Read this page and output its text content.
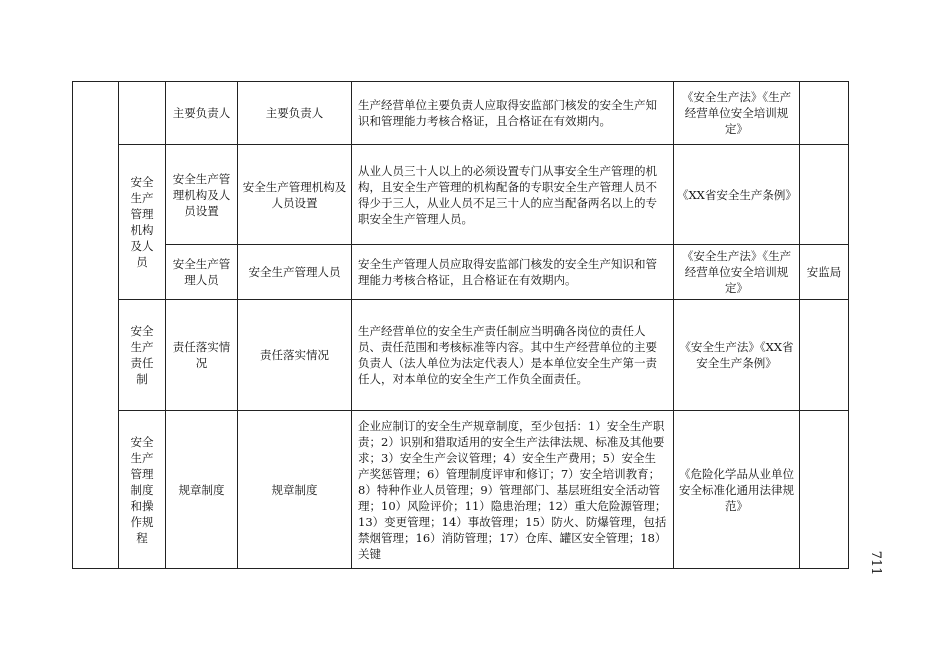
		主要负责人	主要负责人	生产经营单位主要负责人应取得安监部门核发的安全生产知识和管理能力考核合格证，且合格证在有效期内。	《安全生产法》《生产经营单位安全培训规定》	
	安全生产管理机构及人员	安全生产管理机构及人员设置	安全生产管理机构及人员设置	从业人员三十人以上的必须设置专门从事安全生产管理的机构，且安全生产管理的机构配备的专职安全生产管理人员不得少于三人，从业人员不足三十人的应当配备两名以上的专职安全生产管理人员。	《XX省安全生产条例》	
		安全生产管理人员	安全生产管理人员	安全生产管理人员应取得安监部门核发的安全生产知识和管理能力考核合格证，且合格证在有效期内。	《安全生产法》《生产经营单位安全培训规定》	安监局
	安全生产责任制	责任落实情况	责任落实情况	生产经营单位的安全生产责任制应当明确各岗位的责任人员、责任范围和考核标准等内容。其中生产经营单位的主要负责人（法人单位为法定代表人）是本单位安全生产第一责任人，对本单位的安全生产工作负全面责任。	《安全生产法》《XX省安全生产条例》	
	安全生产管理制度和操作规程	规章制度	规章制度	企业应制订的安全生产规章制度，至少包括：1）安全生产职责；2）识别和猎取适用的安全生产法律法规、标准及其他要求；3）安全生产会议管理；4）安全生产费用；5）安全生产奖惩管理；6）管理制度评审和修订；7）安全培训教育；8）特种作业人员管理；9）管理部门、基层班组安全活动管理；10）风险评价；11）隐患治理；12）重大危险源管理；13）变更管理；14）事故管理；15）防火、防爆管理，包括禁烟管理；16）消防管理；17）仓库、罐区安全管理；18）关键	《危险化学品从业单位安全标准化通用法律规范》	
711
